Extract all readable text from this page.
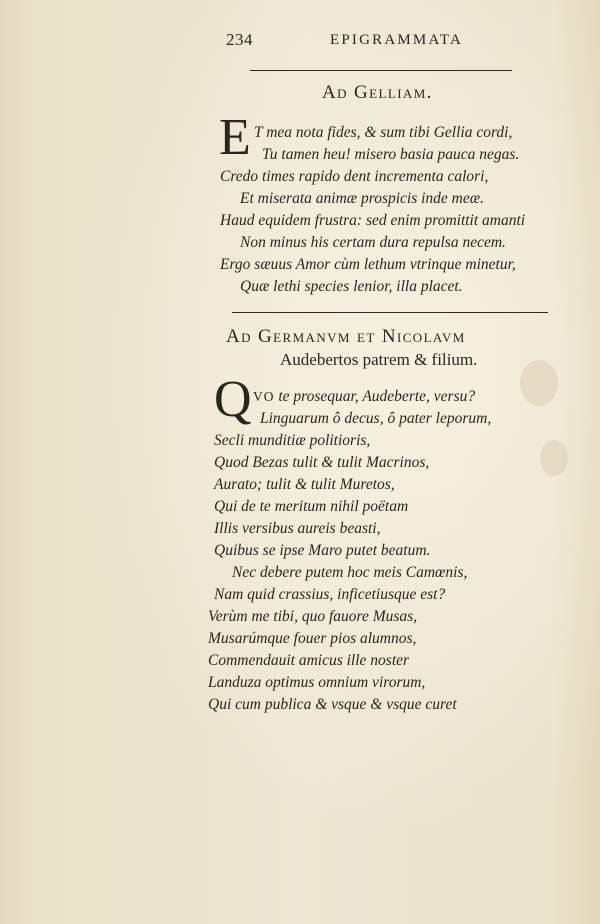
234	EPIGRAMMATA
Ad Gelliam.
E T mea nota fides, & sum tibi Gellia cordi,
Tu tamen heu! misero basia pauca negas.
Credo times rapido dent incrementa calori,
Et miserata animæ prospicis inde meæ.
Haud equidem frustra: sed enim promittit amanti
Non minus his certam dura repulsa necem.
Ergo sæuus Amor cùm lethum vtrinque minetur,
Quæ lethi species lenior, illa placet.
Ad Germanvm et Nicolavm
Audebertos patrem & filium.
Q VO te prosequar, Audeberte, versu?
Linguarum ô decus, ô pater leporum,
Secli munditiæ politioris,
Quod Bezas tulit & tulit Macrinos,
Aurato; tulit & tulit Muretos,
Qui de te meritum nihil poëtam
Illis versibus aureis beasti,
Quibus se ipse Maro putet beatum.
Nec debere putem hoc meis Camœnis,
Nam quid crassius, inficetiusque est?
Verùm me tibi, quo fauore Musas,
Musarúmque fouer pios alumnos,
Commendauit amicus ille noster
Landuza optimus omnium virorum,
Qui cum publica & vsque & vsque curet
